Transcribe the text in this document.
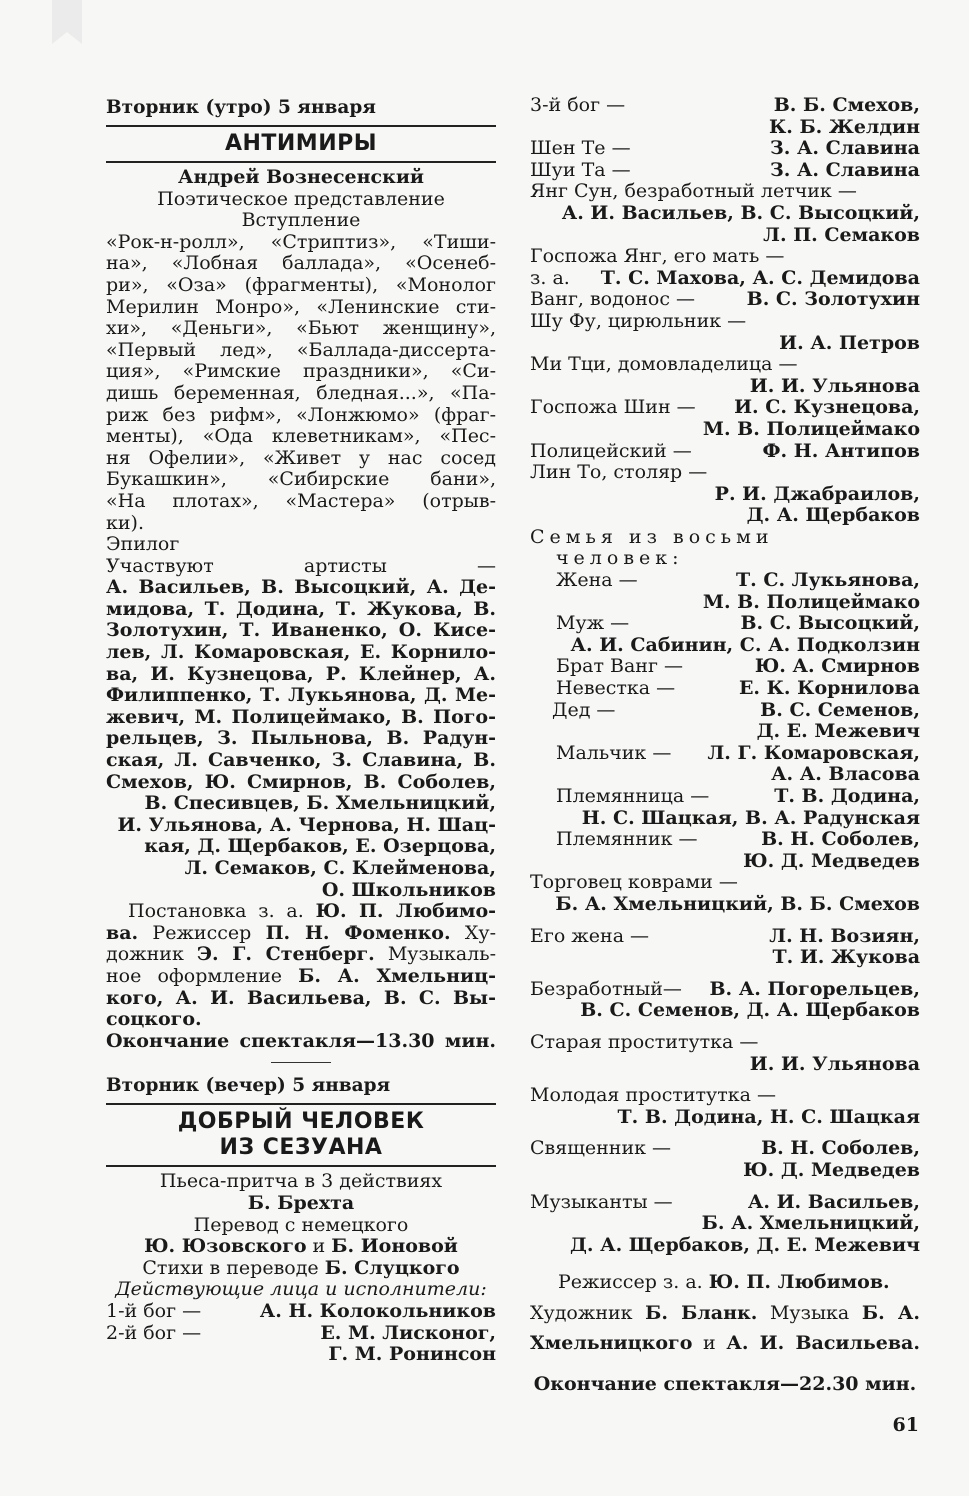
Вторник (утро) 5 января
АНТИМИРЫ
Андрей Вознесенский
Поэтическое представление
Вступление
«Рок-н-ролл», «Стриптиз», «Тиши-
на», «Лобная баллада», «Осенеб-
ри», «Оза» (фрагменты), «Монолог
Мерилин Монро», «Ленинские сти-
хи», «Деньги», «Бьют женщину»,
«Первый лед», «Баллада-диссерта-
ция», «Римские праздники», «Си-
дишь беременная, бледная...», «Па-
риж без рифм», «Лонжюмо» (фраг-
менты), «Ода клеветникам», «Пес-
ня Офелии», «Живет у нас сосед
Букашкин», «Сибирские бани»,
«На плотах», «Мастера» (отрыв-
ки).
Эпилог
Участвуют артисты —
А. Васильев, В. Высоцкий, А. Де-
мидова, Т. Додина, Т. Жукова, В.
Золотухин, Т. Иваненко, О. Кисе-
лев, Л. Комаровская, Е. Корнило-
ва, И. Кузнецова, Р. Клейнер, А.
Филиппенко, Т. Лукьянова, Д. Ме-
жевич, М. Полицеймако, В. Пого-
рельцев, З. Пыльнова, В. Радун-
ская, Л. Савченко, З. Славина, В.
Смехов, Ю. Смирнов, В. Соболев,
В. Спесивцев, Б. Хмельницкий,
И. Ульянова, А. Чернова, Н. Шац-
кая, Д. Щербаков, Е. Озерцова,
Л. Семаков, С. Клейменова,
О. Школьников
Постановка з. а. Ю. П. Любимо-
ва. Режиссер П. Н. Фоменко. Ху-
дожник Э. Г. Стенберг. Музыкаль-
ное оформление Б. А. Хмельниц-
кого, А. И. Васильева, В. С. Вы-
соцкого.
Окончание спектакля—13.30 мин.
Вторник (вечер) 5 января
ДОБРЫЙ ЧЕЛОВЕК
ИЗ СЕЗУАНА
Пьеса-притча в 3 действиях
Б. Брехта
Перевод с немецкого
Ю. Юзовского и Б. Ионовой
Стихи в переводе Б. Слуцкого
Действующие лица и исполнители:
1-й бог —	А. Н. Колокольников
2-й бог —	Е. М. Лисконог,
Г. М. Ронинсон
3-й бог —	В. Б. Смехов,
К. Б. Желдин
Шен Те —	З. А. Славина
Шуи Та —	З. А. Славина
Янг Сун, безработный летчик —
А. И. Васильев, В. С. Высоцкий,
Л. П. Семаков
Госпожа Янг, его мать —
з. а. Т. С. Махова, А. С. Демидова
Ванг, водонос —	В. С. Золотухин
Шу Фу, цирюльник —
И. А. Петров
Ми Тци, домовладелица —
И. И. Ульянова
Госпожа Шин — И. С. Кузнецова,
М. В. Полицеймако
Полицейский —	Ф. Н. Антипов
Лин То, столяр —
Р. И. Джабраилов,
Д. А. Щербаков
Семья из восьми
человек:
Жена —	Т. С. Лукьянова,
М. В. Полицеймако
Муж —	В. С. Высоцкий,
А. И. Сабинин, С. А. Подколзин
Брат Ванг —	Ю. А. Смирнов
Невестка —	Е. К. Корнилова
Дед —	В. С. Семенов,
Д. Е. Межевич
Мальчик — Л. Г. Комаровская,
А. А. Власова
Племянница —	Т. В. Додина,
Н. С. Шацкая, В. А. Радунская
Племянник —	В. Н. Соболев,
Ю. Д. Медведев
Торговец коврами —
Б. А. Хмельницкий, В. Б. Смехов
Его жена —	Л. Н. Возиян,
Т. И. Жукова
Безработный— В. А. Погорельцев,
В. С. Семенов, Д. А. Щербаков
Старая проститутка —
И. И. Ульянова
Молодая проститутка —
Т. В. Додина, Н. С. Шацкая
Священник —	В. Н. Соболев,
Ю. Д. Медведев
Музыканты —	А. И. Васильев,
Б. А. Хмельницкий,
Д. А. Щербаков, Д. Е. Межевич
Режиссер з. а. Ю. П. Любимов.
Художник Б. Бланк. Музыка Б. А.
Хмельницкого и А. И. Васильева.
Окончание спектакля—22.30 мин.
61
